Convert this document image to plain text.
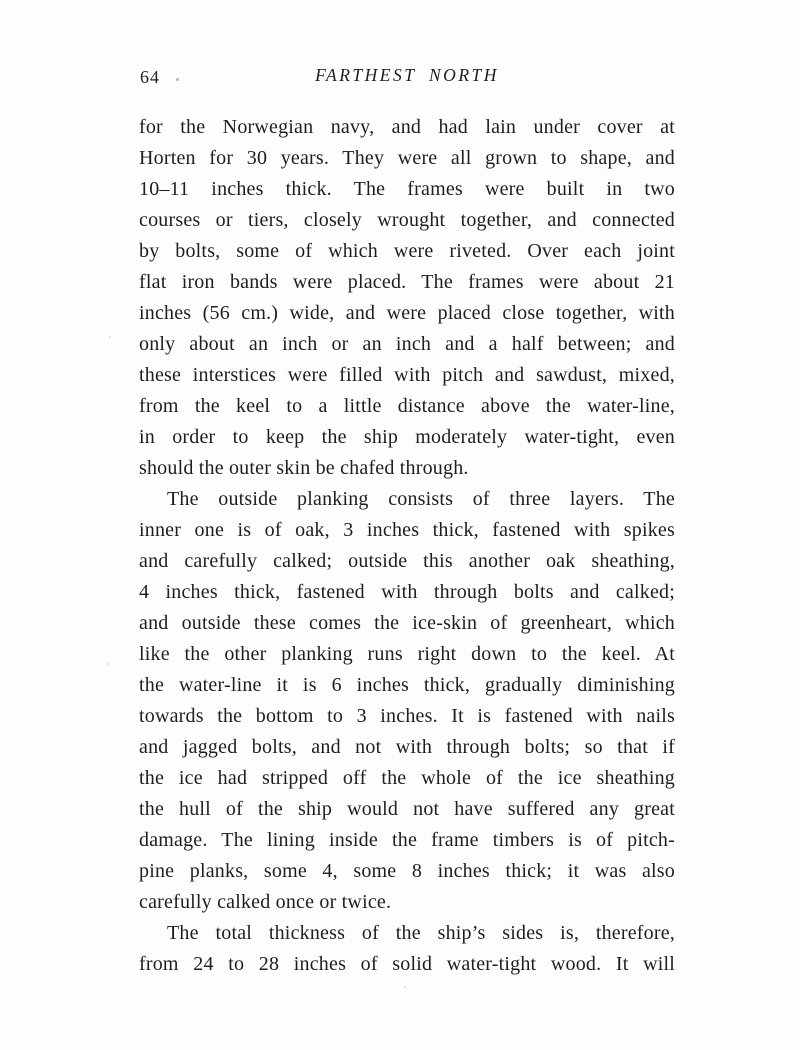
64	FARTHEST NORTH
for the Norwegian navy, and had lain under cover at
Horten for 30 years. They were all grown to shape, and
10–11 inches thick. The frames were built in two
courses or tiers, closely wrought together, and connected
by bolts, some of which were riveted. Over each joint
flat iron bands were placed. The frames were about 21
inches (56 cm.) wide, and were placed close together, with
only about an inch or an inch and a half between; and
these interstices were filled with pitch and sawdust, mixed,
from the keel to a little distance above the water-line,
in order to keep the ship moderately water-tight, even
should the outer skin be chafed through.
The outside planking consists of three layers. The
inner one is of oak, 3 inches thick, fastened with spikes
and carefully calked; outside this another oak sheathing,
4 inches thick, fastened with through bolts and calked;
and outside these comes the ice-skin of greenheart, which
like the other planking runs right down to the keel. At
the water-line it is 6 inches thick, gradually diminishing
towards the bottom to 3 inches. It is fastened with nails
and jagged bolts, and not with through bolts; so that if
the ice had stripped off the whole of the ice sheathing
the hull of the ship would not have suffered any great
damage. The lining inside the frame timbers is of pitch-
pine planks, some 4, some 8 inches thick; it was also
carefully calked once or twice.
The total thickness of the ship’s sides is, therefore,
from 24 to 28 inches of solid water-tight wood. It will
